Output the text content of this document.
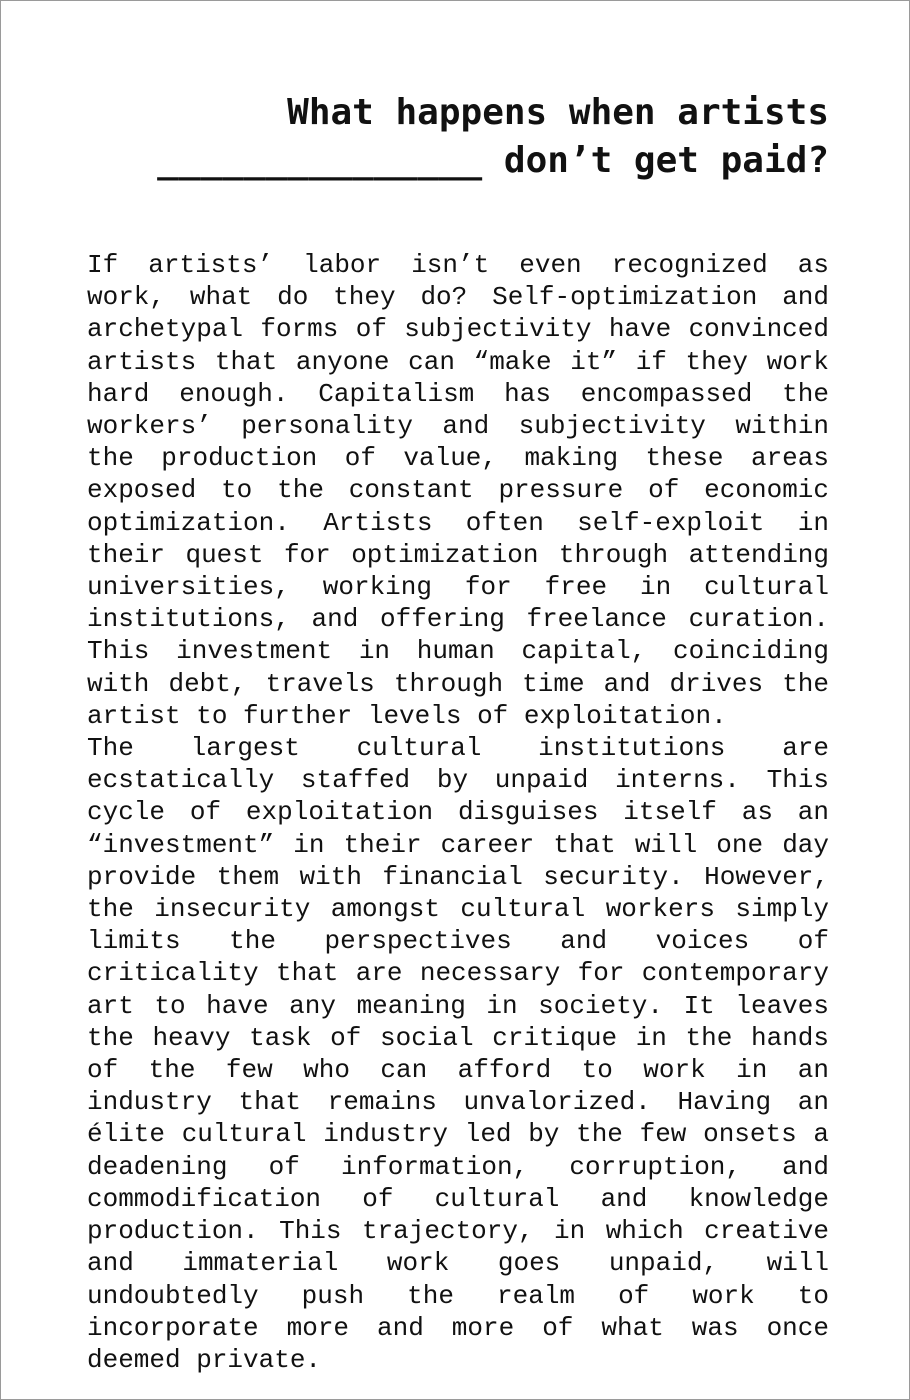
What happens when artists
_______________ don’t get paid?

If artists’ labor isn’t even recognized as work, what do they do? Self-optimization and archetypal forms of subjectivity have convinced artists that anyone can “make it” if they work hard enough. Capitalism has encompassed the workers’ personality and subjectivity within the production of value, making these areas exposed to the constant pressure of economic optimization. Artists often self-exploit in their quest for optimization through attending universities, working for free in cultural institutions, and offering freelance curation. This investment in human capital, coinciding with debt, travels through time and drives the artist to further levels of exploitation.

The largest cultural institutions are ecstatically staffed by unpaid interns. This cycle of exploitation disguises itself as an “investment” in their career that will one day provide them with financial security. However, the insecurity amongst cultural workers simply limits the perspectives and voices of criticality that are necessary for contemporary art to have any meaning in society. It leaves the heavy task of social critique in the hands of the few who can afford to work in an industry that remains unvalorized. Having an élite cultural industry led by the few onsets a deadening of information, corruption, and commodification of cultural and knowledge production. This trajectory, in which creative and immaterial work goes unpaid, will undoubtedly push the realm of work to incorporate more and more of what was once deemed private.
